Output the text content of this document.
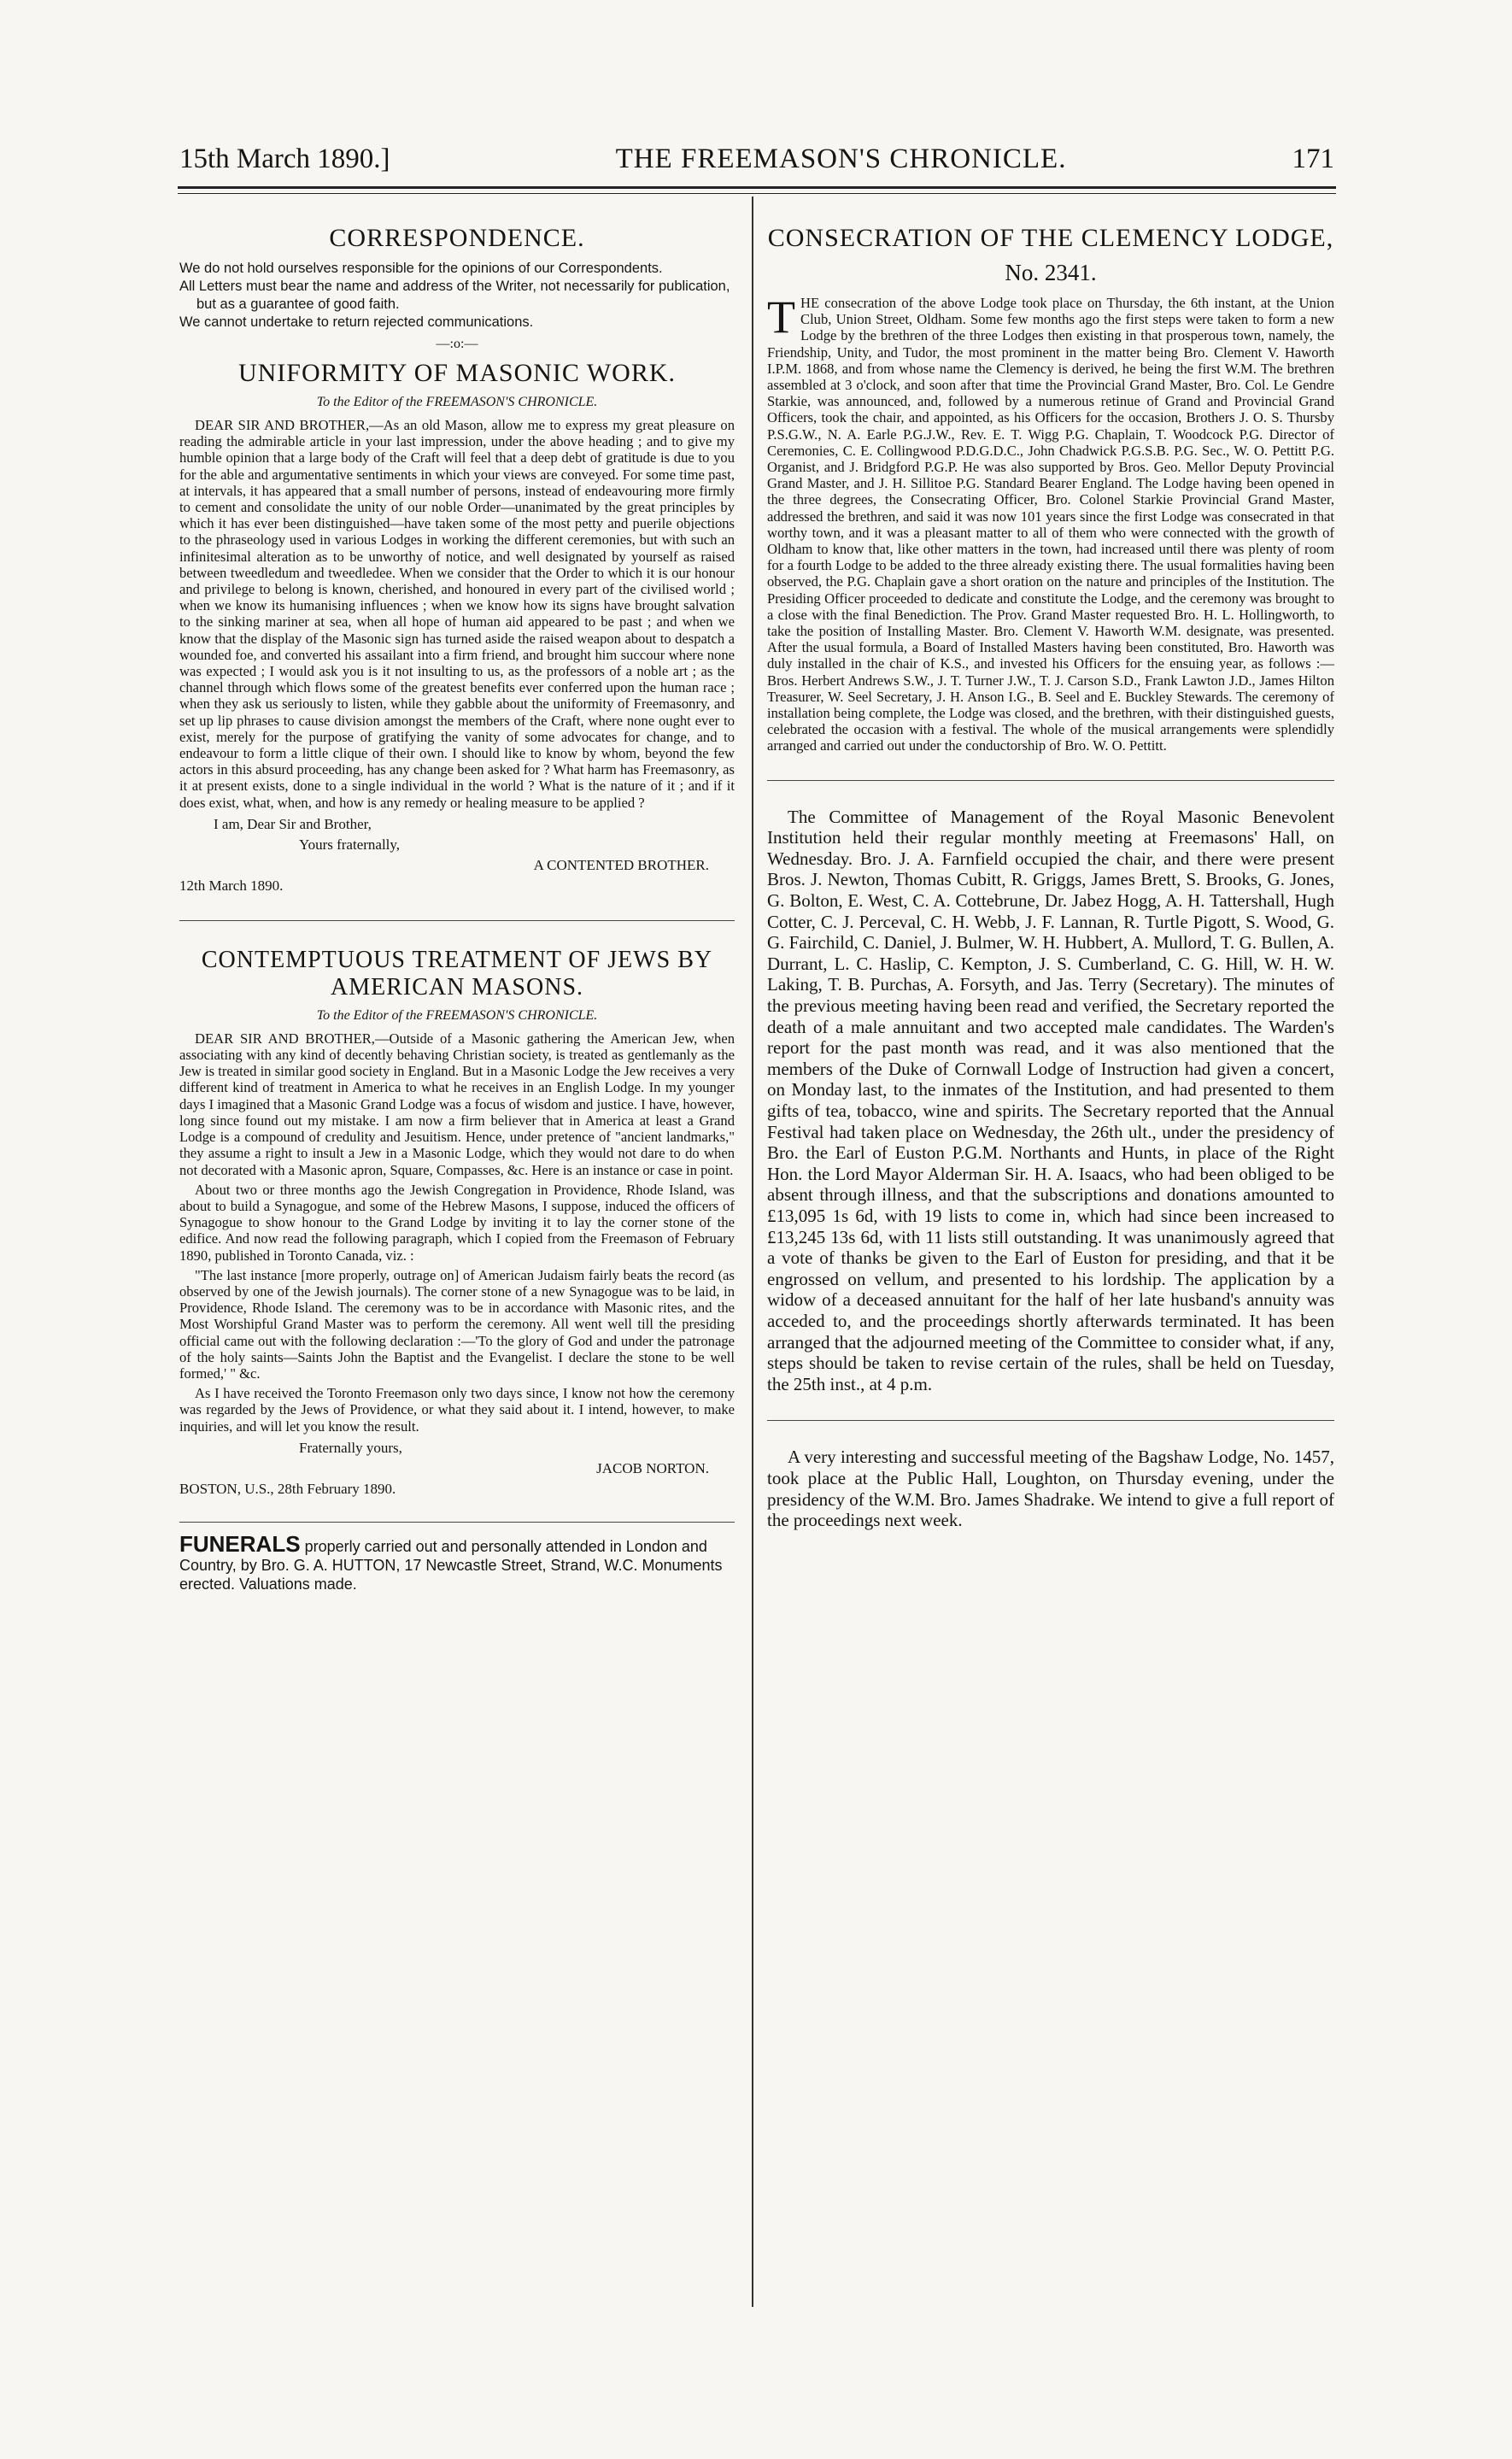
15th March 1890.]	THE FREEMASON'S CHRONICLE.	171
CORRESPONDENCE.

We do not hold ourselves responsible for the opinions of our Correspondents.

All Letters must bear the name and address of the Writer, not necessarily for publication, but as a guarantee of good faith.

We cannot undertake to return rejected communications.

—:o:—
UNIFORMITY OF MASONIC WORK.
To the Editor of the FREEMASON'S CHRONICLE.

DEAR SIR AND BROTHER,—As an old Mason, allow me to express my great pleasure on reading the admirable article in your last impression, under the above heading ; and to give my humble opinion that a large body of the Craft will feel that a deep debt of gratitude is due to you for the able and argumentative sentiments in which your views are conveyed. For some time past, at intervals, it has appeared that a small number of persons, instead of endeavouring more firmly to cement and consolidate the unity of our noble Order—unanimated by the great principles by which it has ever been distinguished—have taken some of the most petty and puerile objections to the phraseology used in various Lodges in working the different ceremonies, but with such an infinitesimal alteration as to be unworthy of notice, and well designated by yourself as raised between tweedledum and tweedledee. When we consider that the Order to which it is our honour and privilege to belong is known, cherished, and honoured in every part of the civilised world ; when we know its humanising influences ; when we know how its signs have brought salvation to the sinking mariner at sea, when all hope of human aid appeared to be past ; and when we know that the display of the Masonic sign has turned aside the raised weapon about to despatch a wounded foe, and converted his assailant into a firm friend, and brought him succour where none was expected ; I would ask you is it not insulting to us, as the professors of a noble art ; as the channel through which flows some of the greatest benefits ever conferred upon the human race ; when they ask us seriously to listen, while they gabble about the uniformity of Freemasonry, and set up lip phrases to cause division amongst the members of the Craft, where none ought ever to exist, merely for the purpose of gratifying the vanity of some advocates for change, and to endeavour to form a little clique of their own. I should like to know by whom, beyond the few actors in this absurd proceeding, has any change been asked for ? What harm has Freemasonry, as it at present exists, done to a single individual in the world ? What is the nature of it ; and if it does exist, what, when, and how is any remedy or healing measure to be applied ?

I am, Dear Sir and Brother,

Yours fraternally,

A CONTENTED BROTHER.

12th March 1890.

CONTEMPTUOUS TREATMENT OF JEWS BY AMERICAN MASONS.
To the Editor of the FREEMASON'S CHRONICLE.

DEAR SIR AND BROTHER,—Outside of a Masonic gathering the American Jew, when associating with any kind of decently behaving Christian society, is treated as gentlemanly as the Jew is treated in similar good society in England. But in a Masonic Lodge the Jew receives a very different kind of treatment in America to what he receives in an English Lodge. In my younger days I imagined that a Masonic Grand Lodge was a focus of wisdom and justice. I have, however, long since found out my mistake. I am now a firm believer that in America at least a Grand Lodge is a compound of credulity and Jesuitism. Hence, under pretence of "ancient landmarks," they assume a right to insult a Jew in a Masonic Lodge, which they would not dare to do when not decorated with a Masonic apron, Square, Compasses, &c. Here is an instance or case in point.

About two or three months ago the Jewish Congregation in Providence, Rhode Island, was about to build a Synagogue, and some of the Hebrew Masons, I suppose, induced the officers of Synagogue to show honour to the Grand Lodge by inviting it to lay the corner stone of the edifice. And now read the following paragraph, which I copied from the Freemason of February 1890, published in Toronto Canada, viz. :

"The last instance [more properly, outrage on] of American Judaism fairly beats the record (as observed by one of the Jewish journals). The corner stone of a new Synagogue was to be laid, in Providence, Rhode Island. The ceremony was to be in accordance with Masonic rites, and the Most Worshipful Grand Master was to perform the ceremony. All went well till the presiding official came out with the following declaration :—'To the glory of God and under the patronage of the holy saints—Saints John the Baptist and the Evangelist. I declare the stone to be well formed,' " &c.

As I have received the Toronto Freemason only two days since, I know not how the ceremony was regarded by the Jews of Providence, or what they said about it. I intend, however, to make inquiries, and will let you know the result.

Fraternally yours,

JACOB NORTON.

BOSTON, U.S., 28th February 1890.

FUNERALS properly carried out and personally attended in London and Country, by Bro. G. A. HUTTON, 17 Newcastle Street, Strand, W.C. Monuments erected. Valuations made.
CONSECRATION OF THE CLEMENCY LODGE,
No. 2341.

THE consecration of the above Lodge took place on Thursday, the 6th instant, at the Union Club, Union Street, Oldham. Some few months ago the first steps were taken to form a new Lodge by the brethren of the three Lodges then existing in that prosperous town, namely, the Friendship, Unity, and Tudor, the most prominent in the matter being Bro. Clement V. Haworth I.P.M. 1868, and from whose name the Clemency is derived, he being the first W.M. The brethren assembled at 3 o'clock, and soon after that time the Provincial Grand Master, Bro. Col. Le Gendre Starkie, was announced, and, followed by a numerous retinue of Grand and Provincial Grand Officers, took the chair, and appointed, as his Officers for the occasion, Brothers J. O. S. Thursby P.S.G.W., N. A. Earle P.G.J.W., Rev. E. T. Wigg P.G. Chaplain, T. Woodcock P.G. Director of Ceremonies, C. E. Collingwood P.D.G.D.C., John Chadwick P.G.S.B. P.G. Sec., W. O. Pettitt P.G. Organist, and J. Bridgford P.G.P. He was also supported by Bros. Geo. Mellor Deputy Provincial Grand Master, and J. H. Sillitoe P.G. Standard Bearer England. The Lodge having been opened in the three degrees, the Consecrating Officer, Bro. Colonel Starkie Provincial Grand Master, addressed the brethren, and said it was now 101 years since the first Lodge was consecrated in that worthy town, and it was a pleasant matter to all of them who were connected with the growth of Oldham to know that, like other matters in the town, had increased until there was plenty of room for a fourth Lodge to be added to the three already existing there. The usual formalities having been observed, the P.G. Chaplain gave a short oration on the nature and principles of the Institution. The Presiding Officer proceeded to dedicate and constitute the Lodge, and the ceremony was brought to a close with the final Benediction. The Prov. Grand Master requested Bro. H. L. Hollingworth, to take the position of Installing Master. Bro. Clement V. Haworth W.M. designate, was presented. After the usual formula, a Board of Installed Masters having been constituted, Bro. Haworth was duly installed in the chair of K.S., and invested his Officers for the ensuing year, as follows :—Bros. Herbert Andrews S.W., J. T. Turner J.W., T. J. Carson S.D., Frank Lawton J.D., James Hilton Treasurer, W. Seel Secretary, J. H. Anson I.G., B. Seel and E. Buckley Stewards. The ceremony of installation being complete, the Lodge was closed, and the brethren, with their distinguished guests, celebrated the occasion with a festival. The whole of the musical arrangements were splendidly arranged and carried out under the conductorship of Bro. W. O. Pettitt.

The Committee of Management of the Royal Masonic Benevolent Institution held their regular monthly meeting at Freemasons' Hall, on Wednesday. Bro. J. A. Farnfield occupied the chair, and there were present Bros. J. Newton, Thomas Cubitt, R. Griggs, James Brett, S. Brooks, G. Jones, G. Bolton, E. West, C. A. Cottebrune, Dr. Jabez Hogg, A. H. Tattershall, Hugh Cotter, C. J. Perceval, C. H. Webb, J. F. Lannan, R. Turtle Pigott, S. Wood, G. G. Fairchild, C. Daniel, J. Bulmer, W. H. Hubbert, A. Mullord, T. G. Bullen, A. Durrant, L. C. Haslip, C. Kempton, J. S. Cumberland, C. G. Hill, W. H. W. Laking, T. B. Purchas, A. Forsyth, and Jas. Terry (Secretary). The minutes of the previous meeting having been read and verified, the Secretary reported the death of a male annuitant and two accepted male candidates. The Warden's report for the past month was read, and it was also mentioned that the members of the Duke of Cornwall Lodge of Instruction had given a concert, on Monday last, to the inmates of the Institution, and had presented to them gifts of tea, tobacco, wine and spirits. The Secretary reported that the Annual Festival had taken place on Wednesday, the 26th ult., under the presidency of Bro. the Earl of Euston P.G.M. Northants and Hunts, in place of the Right Hon. the Lord Mayor Alderman Sir. H. A. Isaacs, who had been obliged to be absent through illness, and that the subscriptions and donations amounted to £13,095 1s 6d, with 19 lists to come in, which had since been increased to £13,245 13s 6d, with 11 lists still outstanding. It was unanimously agreed that a vote of thanks be given to the Earl of Euston for presiding, and that it be engrossed on vellum, and presented to his lordship. The application by a widow of a deceased annuitant for the half of her late husband's annuity was acceded to, and the proceedings shortly afterwards terminated. It has been arranged that the adjourned meeting of the Committee to consider what, if any, steps should be taken to revise certain of the rules, shall be held on Tuesday, the 25th inst., at 4 p.m.

A very interesting and successful meeting of the Bagshaw Lodge, No. 1457, took place at the Public Hall, Loughton, on Thursday evening, under the presidency of the W.M. Bro. James Shadrake. We intend to give a full report of the proceedings next week.
